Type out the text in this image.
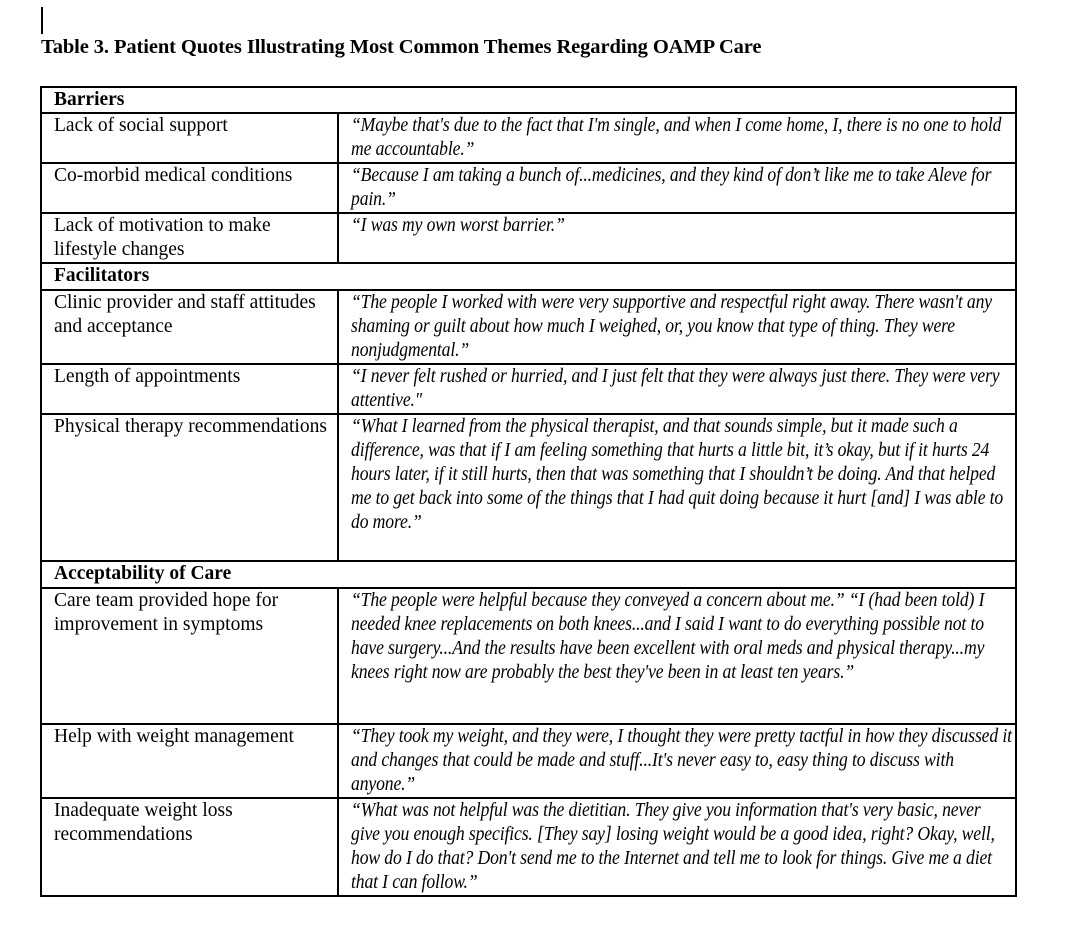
Table 3. Patient Quotes Illustrating Most Common Themes Regarding OAMP Care
Barriers	
Lack of social support	“Maybe that's due to the fact that I'm single, and when I come home, I, there is no one to hold me accountable.”

Co-morbid medical conditions	“Because I am taking a bunch of...medicines, and they kind of don’t like me to take Aleve for pain.”

Lack of motivation to make lifestyle changes	“I was my own worst barrier.”

Facilitators	
Clinic provider and staff attitudes and acceptance	“The people I worked with were very supportive and respectful right away. There wasn't any shaming or guilt about how much I weighed, or, you know that type of thing. They were nonjudgmental.”

Length of appointments	“I never felt rushed or hurried, and I just felt that they were always just there. They were very attentive."

Physical therapy recommendations	“What I learned from the physical therapist, and that sounds simple, but it made such a difference, was that if I am feeling something that hurts a little bit, it’s okay, but if it hurts 24 hours later, if it still hurts, then that was something that I shouldn’t be doing. And that helped me to get back into some of the things that I had quit doing because it hurt [and] I was able to do more.”

Acceptability of Care	
Care team provided hope for improvement in symptoms	“The people were helpful because they conveyed a concern about me.” “I (had been told) I needed knee replacements on both knees...and I said I want to do everything possible not to have surgery...And the results have been excellent with oral meds and physical therapy...my knees right now are probably the best they've been in at least ten years.”

Help with weight management	“They took my weight, and they were, I thought they were pretty tactful in how they discussed it and changes that could be made and stuff...It's never easy to, easy thing to discuss with anyone.”

Inadequate weight loss recommendations	“What was not helpful was the dietitian. They give you information that's very basic, never give you enough specifics. [They say] losing weight would be a good idea, right? Okay, well, how do I do that? Don't send me to the Internet and tell me to look for things. Give me a diet that I can follow.”
